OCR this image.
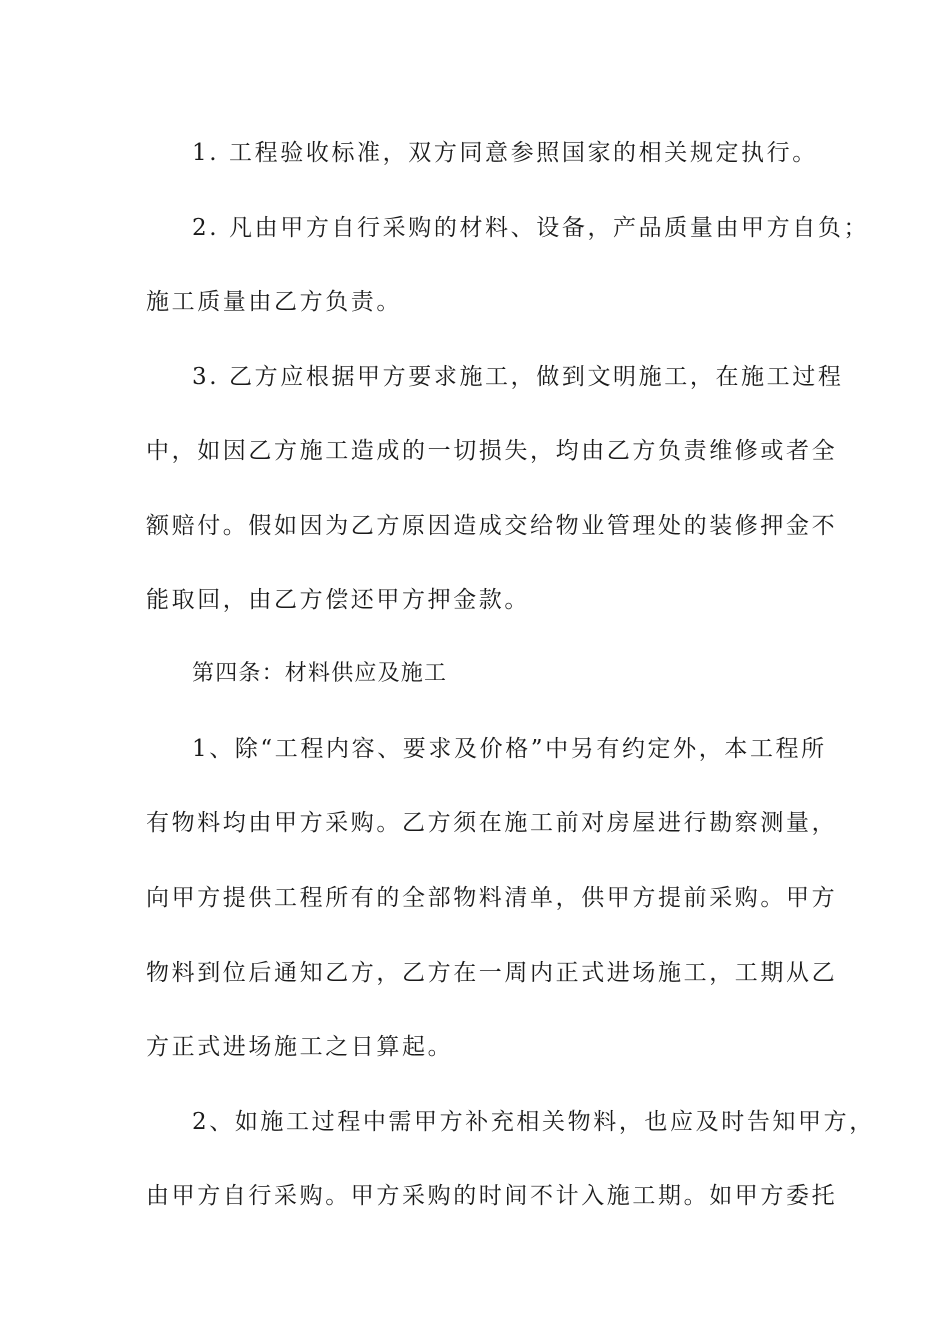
1. 工程验收标准，双方同意参照国家的相关规定执行。
2. 凡由甲方自行采购的材料、设备，产品质量由甲方自负；
施工质量由乙方负责。
3. 乙方应根据甲方要求施工，做到文明施工，在施工过程
中，如因乙方施工造成的一切损失，均由乙方负责维修或者全
额赔付。假如因为乙方原因造成交给物业管理处的装修押金不
能取回，由乙方偿还甲方押金款。
第四条：材料供应及施工
1、除“工程内容、要求及价格”中另有约定外，本工程所
有物料均由甲方采购。乙方须在施工前对房屋进行勘察测量，
向甲方提供工程所有的全部物料清单，供甲方提前采购。甲方
物料到位后通知乙方，乙方在一周内正式进场施工，工期从乙
方正式进场施工之日算起。
2、如施工过程中需甲方补充相关物料，也应及时告知甲方，
由甲方自行采购。甲方采购的时间不计入施工期。如甲方委托
